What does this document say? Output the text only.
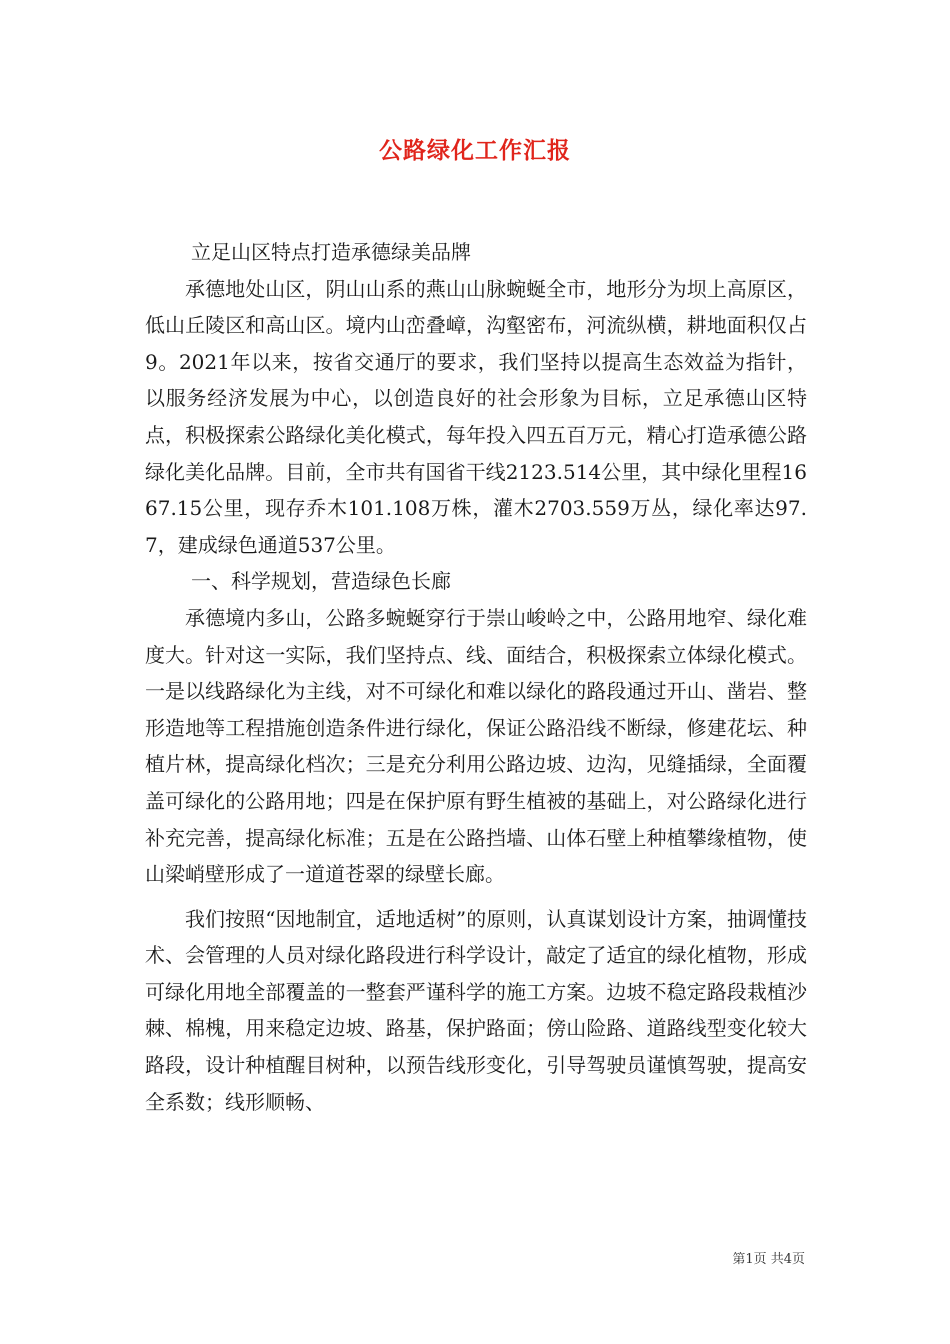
公路绿化工作汇报

立足山区特点打造承德绿美品牌

承德地处山区，阴山山系的燕山山脉蜿蜒全市，地形分为坝上高原区，低山丘陵区和高山区。境内山峦叠嶂，沟壑密布，河流纵横，耕地面积仅占9。2021年以来，按省交通厅的要求，我们坚持以提高生态效益为指针，以服务经济发展为中心，以创造良好的社会形象为目标，立足承德山区特点，积极探索公路绿化美化模式，每年投入四五百万元，精心打造承德公路绿化美化品牌。目前，全市共有国省干线2123.514公里，其中绿化里程1667.15公里，现存乔木101.108万株，灌木2703.559万丛，绿化率达97.7，建成绿色通道537公里。

一、科学规划，营造绿色长廊

承德境内多山，公路多蜿蜒穿行于崇山峻岭之中，公路用地窄、绿化难度大。针对这一实际，我们坚持点、线、面结合，积极探索立体绿化模式。一是以线路绿化为主线，对不可绿化和难以绿化的路段通过开山、凿岩、整形造地等工程措施创造条件进行绿化，保证公路沿线不断绿，修建花坛、种植片林，提高绿化档次；三是充分利用公路边坡、边沟，见缝插绿，全面覆盖可绿化的公路用地；四是在保护原有野生植被的基础上，对公路绿化进行补充完善，提高绿化标准；五是在公路挡墙、山体石壁上种植攀缘植物，使山梁峭壁形成了一道道苍翠的绿壁长廊。

我们按照“因地制宜，适地适树”的原则，认真谋划设计方案，抽调懂技术、会管理的人员对绿化路段进行科学设计，敲定了适宜的绿化植物，形成可绿化用地全部覆盖的一整套严谨科学的施工方案。边坡不稳定路段栽植沙棘、棉槐，用来稳定边坡、路基，保护路面；傍山险路、道路线型变化较大路段，设计种植醒目树种，以预告线形变化，引导驾驶员谨慎驾驶，提高安全系数；线形顺畅、

第1页 共4页
